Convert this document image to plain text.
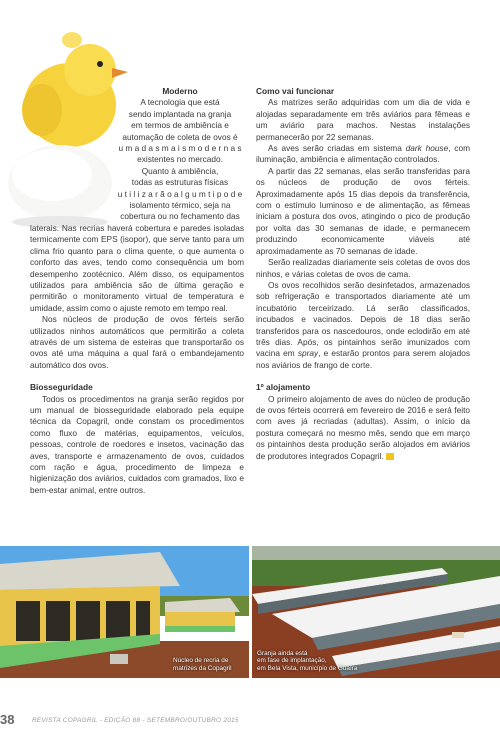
Moderno
A tecnologia que está
sendo implantada na granja
em termos de ambiência e
automação de coleta de ovos é
u m a d a s m a i s m o d e r n a s
existentes no mercado.
Quanto à ambiência,
todas as estruturas físicas
u t i l i z a r ã o a l g u m t i p o d e
isolamento térmico, seja na
cobertura ou no fechamento das

laterais. Nas recrias haverá cobertura e paredes isoladas termicamente com EPS (isopor), que serve tanto para um clima frio quanto para o clima quente, o que aumenta o conforto das aves, tendo como consequência um bom desempenho zootécnico. Além disso, os equipamentos utilizados para ambiência são de última geração e permitirão o monitoramento virtual de temperatura e umidade, assim como o ajuste remoto em tempo real.

Nos núcleos de produção de ovos férteis serão utilizados ninhos automáticos que permitirão a coleta através de um sistema de esteiras que transportarão os ovos até uma máquina a qual fará o embandejamento automático dos ovos.

Biosseguridade

Todos os procedimentos na granja serão regidos por um manual de biosseguridade elaborado pela equipe técnica da Copagril, onde constam os procedimentos como fluxo de matérias, equipamentos, veículos, pessoas, controle de roedores e insetos, vacinação das aves, transporte e armazenamento de ovos, cuidados com ração e água, procedimento de limpeza e higienização dos aviários, cuidados com gramados, lixo e bem-estar animal, entre outros.

Como vai funcionar

As matrizes serão adquiridas com um dia de vida e alojadas separadamente em três aviários para fêmeas e um aviário para machos. Nestas instalações permanecerão por 22 semanas.

As aves serão criadas em sistema dark house, com iluminação, ambiência e alimentação controlados.

A partir das 22 semanas, elas serão transferidas para os núcleos de produção de ovos férteis. Aproximadamente após 15 dias depois da transferência, com o estímulo luminoso e de alimentação, as fêmeas iniciam a postura dos ovos, atingindo o pico de produção por volta das 30 semanas de idade, e permanecem produzindo economicamente viáveis até aproximadamente as 70 semanas de idade.

Serão realizadas diariamente seis coletas de ovos dos ninhos, e várias coletas de ovos de cama.

Os ovos recolhidos serão desinfetados, armazenados sob refrigeração e transportados diariamente até um incubatório terceirizado. Lá serão classificados, incubados e vacinados. Depois de 18 dias serão transferidos para os nascedouros, onde eclodirão em até três dias. Após, os pintainhos serão imunizados com vacina em spray, e estarão prontos para serem alojados nos aviários de frango de corte.

1º alojamento

O primeiro alojamento de aves do núcleo de produção de ovos férteis ocorrerá em fevereiro de 2016 e será feito com aves já recriadas (adultas). Assim, o início da postura começará no mesmo mês, sendo que em março os pintainhos desta produção serão alojados em aviários de produtores integrados Copagril.

Núcleo de recria de
matrizes da Copagril
Granja ainda está
em fase de implantação,
em Bela Vista, município de Guaíra
38	REVISTA COPAGRIL - EDIÇÃO 88 - SETEMBRO/OUTUBRO 2015
